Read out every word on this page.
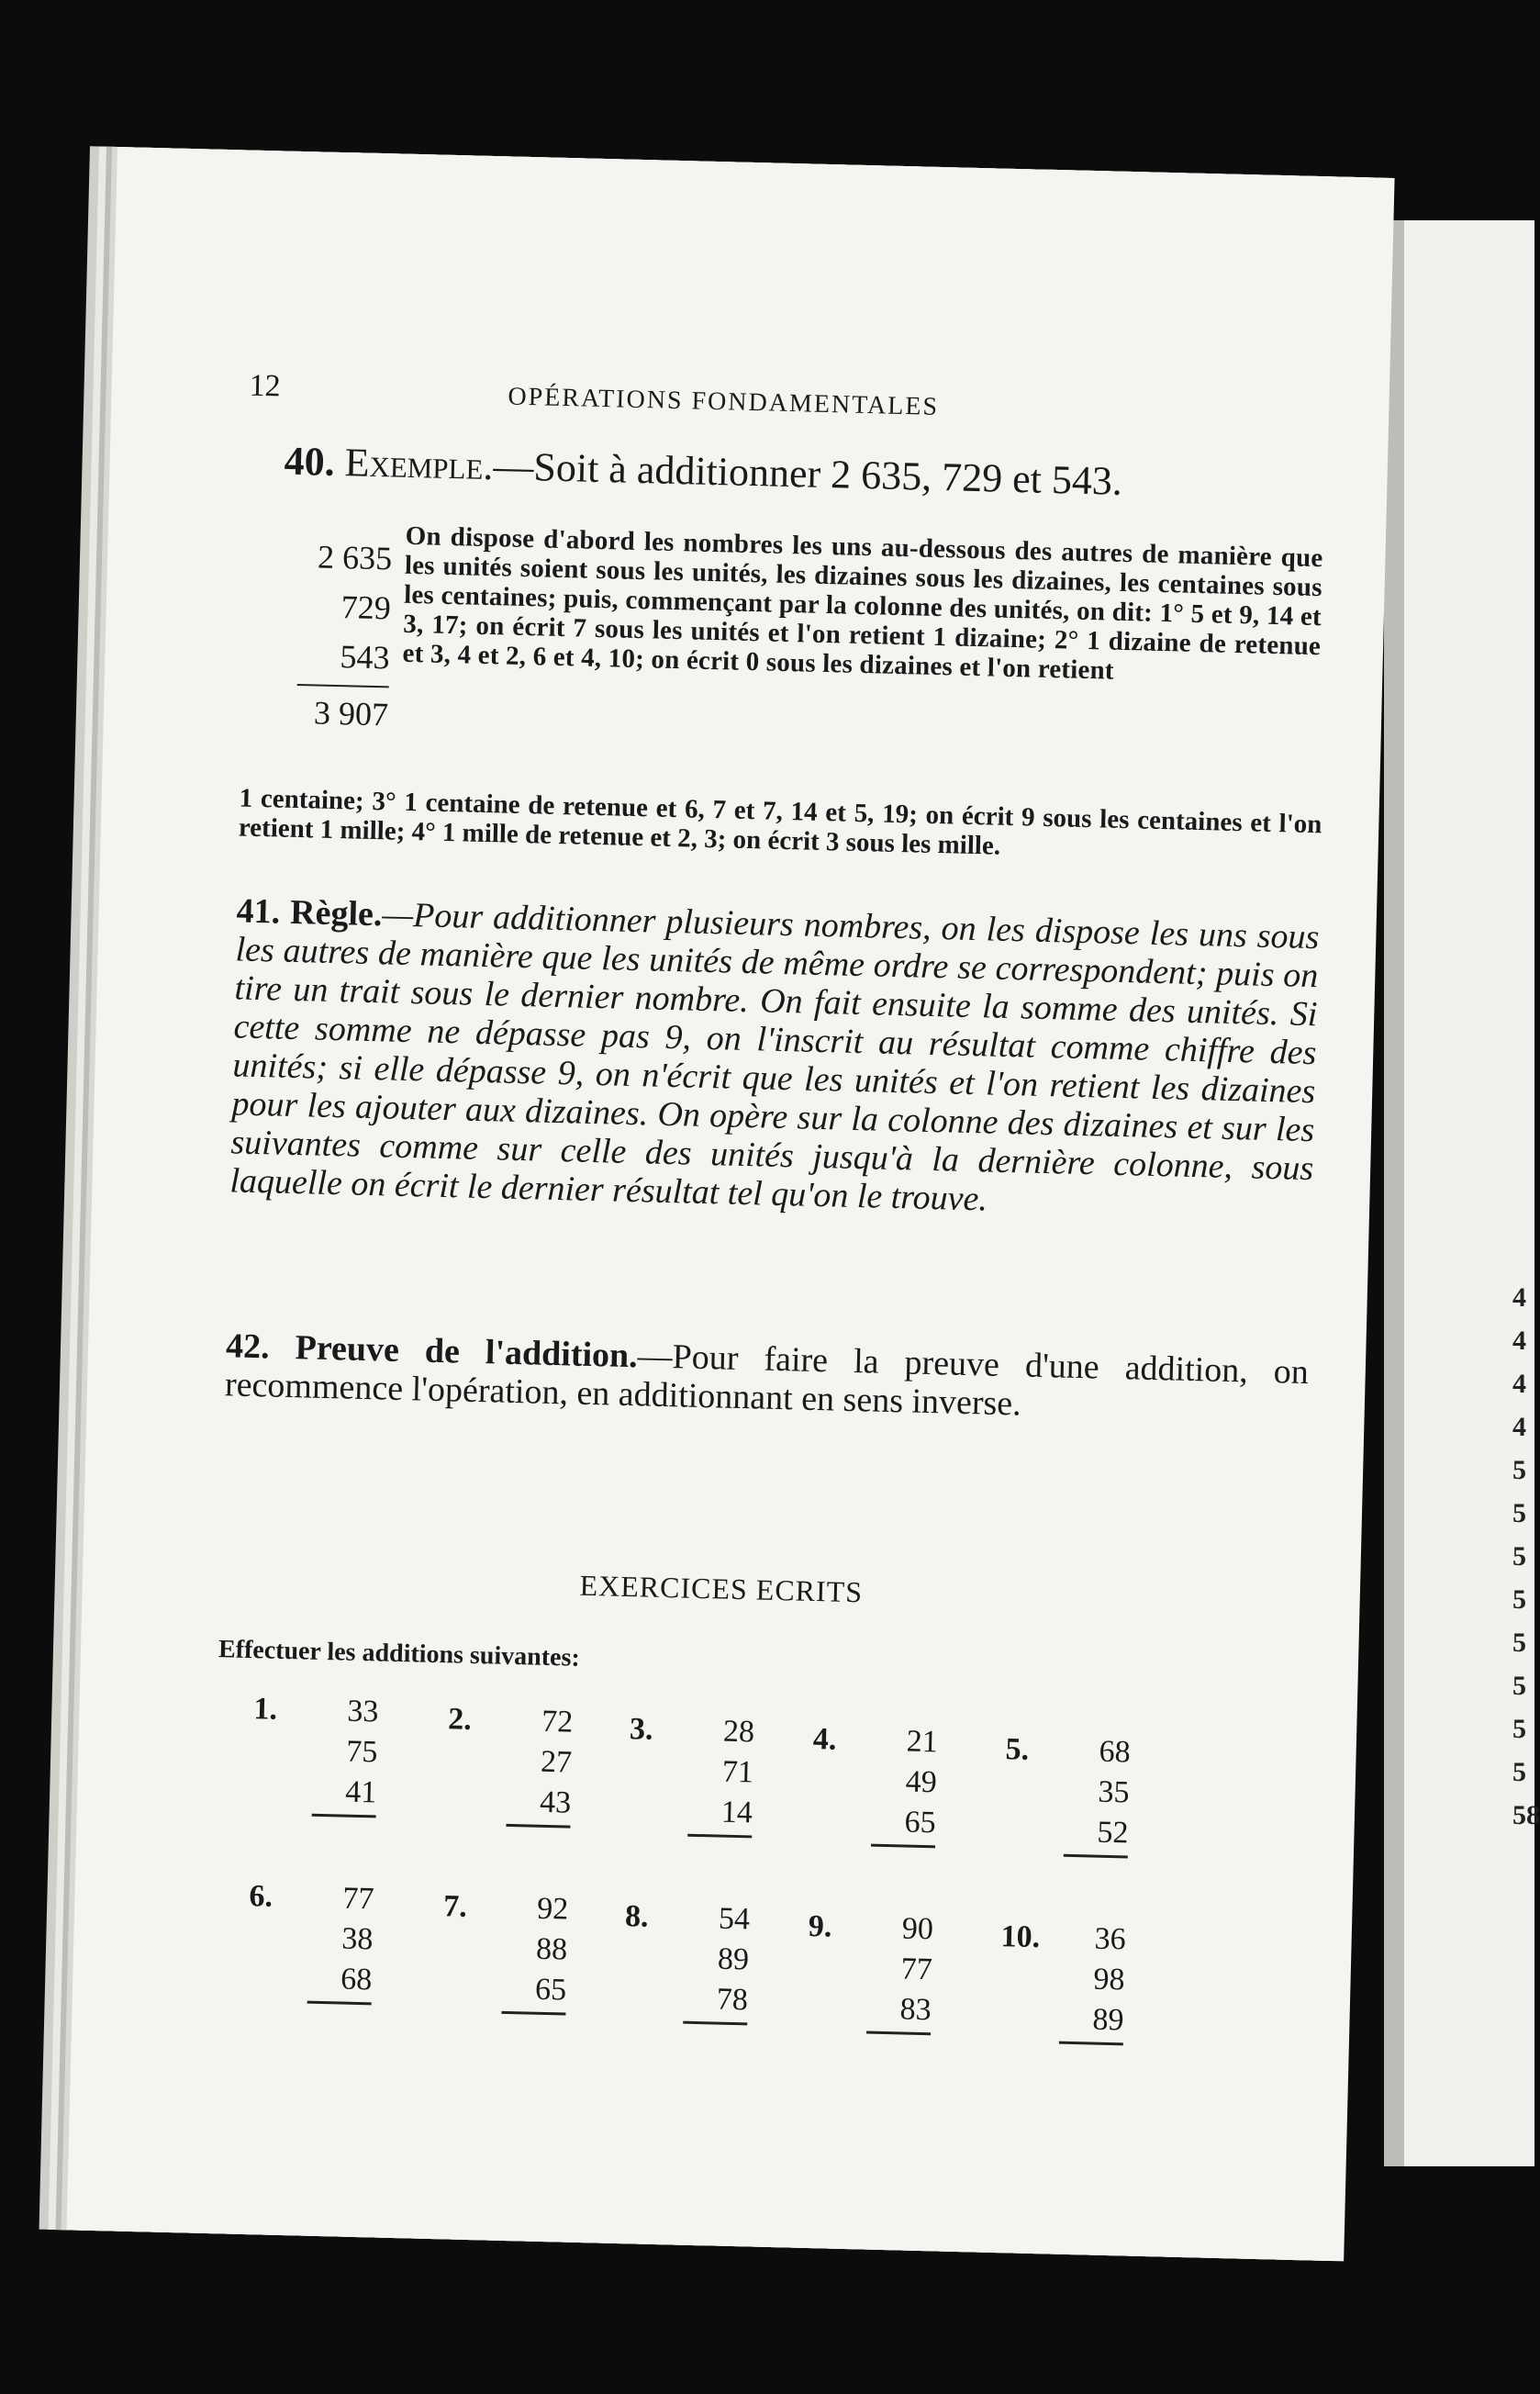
4
4
4
4
5
5
5
5
5
5
5
5
58
12	OPÉRATIONS FONDAMENTALES
40. Exemple.—Soit à additionner 2 635, 729 et 543.
2 635
729
543
3 907
On dispose d'abord les nombres les uns au-dessous des autres de manière que les unités soient sous les unités, les dizaines sous les dizaines, les centaines sous les centaines; puis, commençant par la colonne des unités, on dit: 1° 5 et 9, 14 et 3, 17; on écrit 7 sous les unités et l'on retient 1 dizaine; 2° 1 dizaine de retenue et 3, 4 et 2, 6 et 4, 10; on écrit 0 sous les dizaines et l'on retient
1 centaine; 3° 1 centaine de retenue et 6, 7 et 7, 14 et 5, 19; on écrit 9 sous les centaines et l'on retient 1 mille; 4° 1 mille de retenue et 2, 3; on écrit 3 sous les mille.
41. Règle.—Pour additionner plusieurs nombres, on les dispose les uns sous les autres de manière que les unités de même ordre se correspondent; puis on tire un trait sous le dernier nombre. On fait ensuite la somme des unités. Si cette somme ne dépasse pas 9, on l'inscrit au résultat comme chiffre des unités; si elle dépasse 9, on n'écrit que les unités et l'on retient les dizaines pour les ajouter aux dizaines. On opère sur la colonne des dizaines et sur les suivantes comme sur celle des unités jusqu'à la dernière colonne, sous laquelle on écrit le dernier résultat tel qu'on le trouve.
42. Preuve de l'addition.—Pour faire la preuve d'une addition, on recommence l'opération, en additionnant en sens inverse.
EXERCICES ECRITS
Effectuer les additions suivantes:
1.	33
75
41
2.	72
27
43
3.	28
71
14
4.	21
49
65
5.	68
35
52
6.	77
38
68
7.	92
88
65
8.	54
89
78
9.	90
77
83
10.	36
98
89
